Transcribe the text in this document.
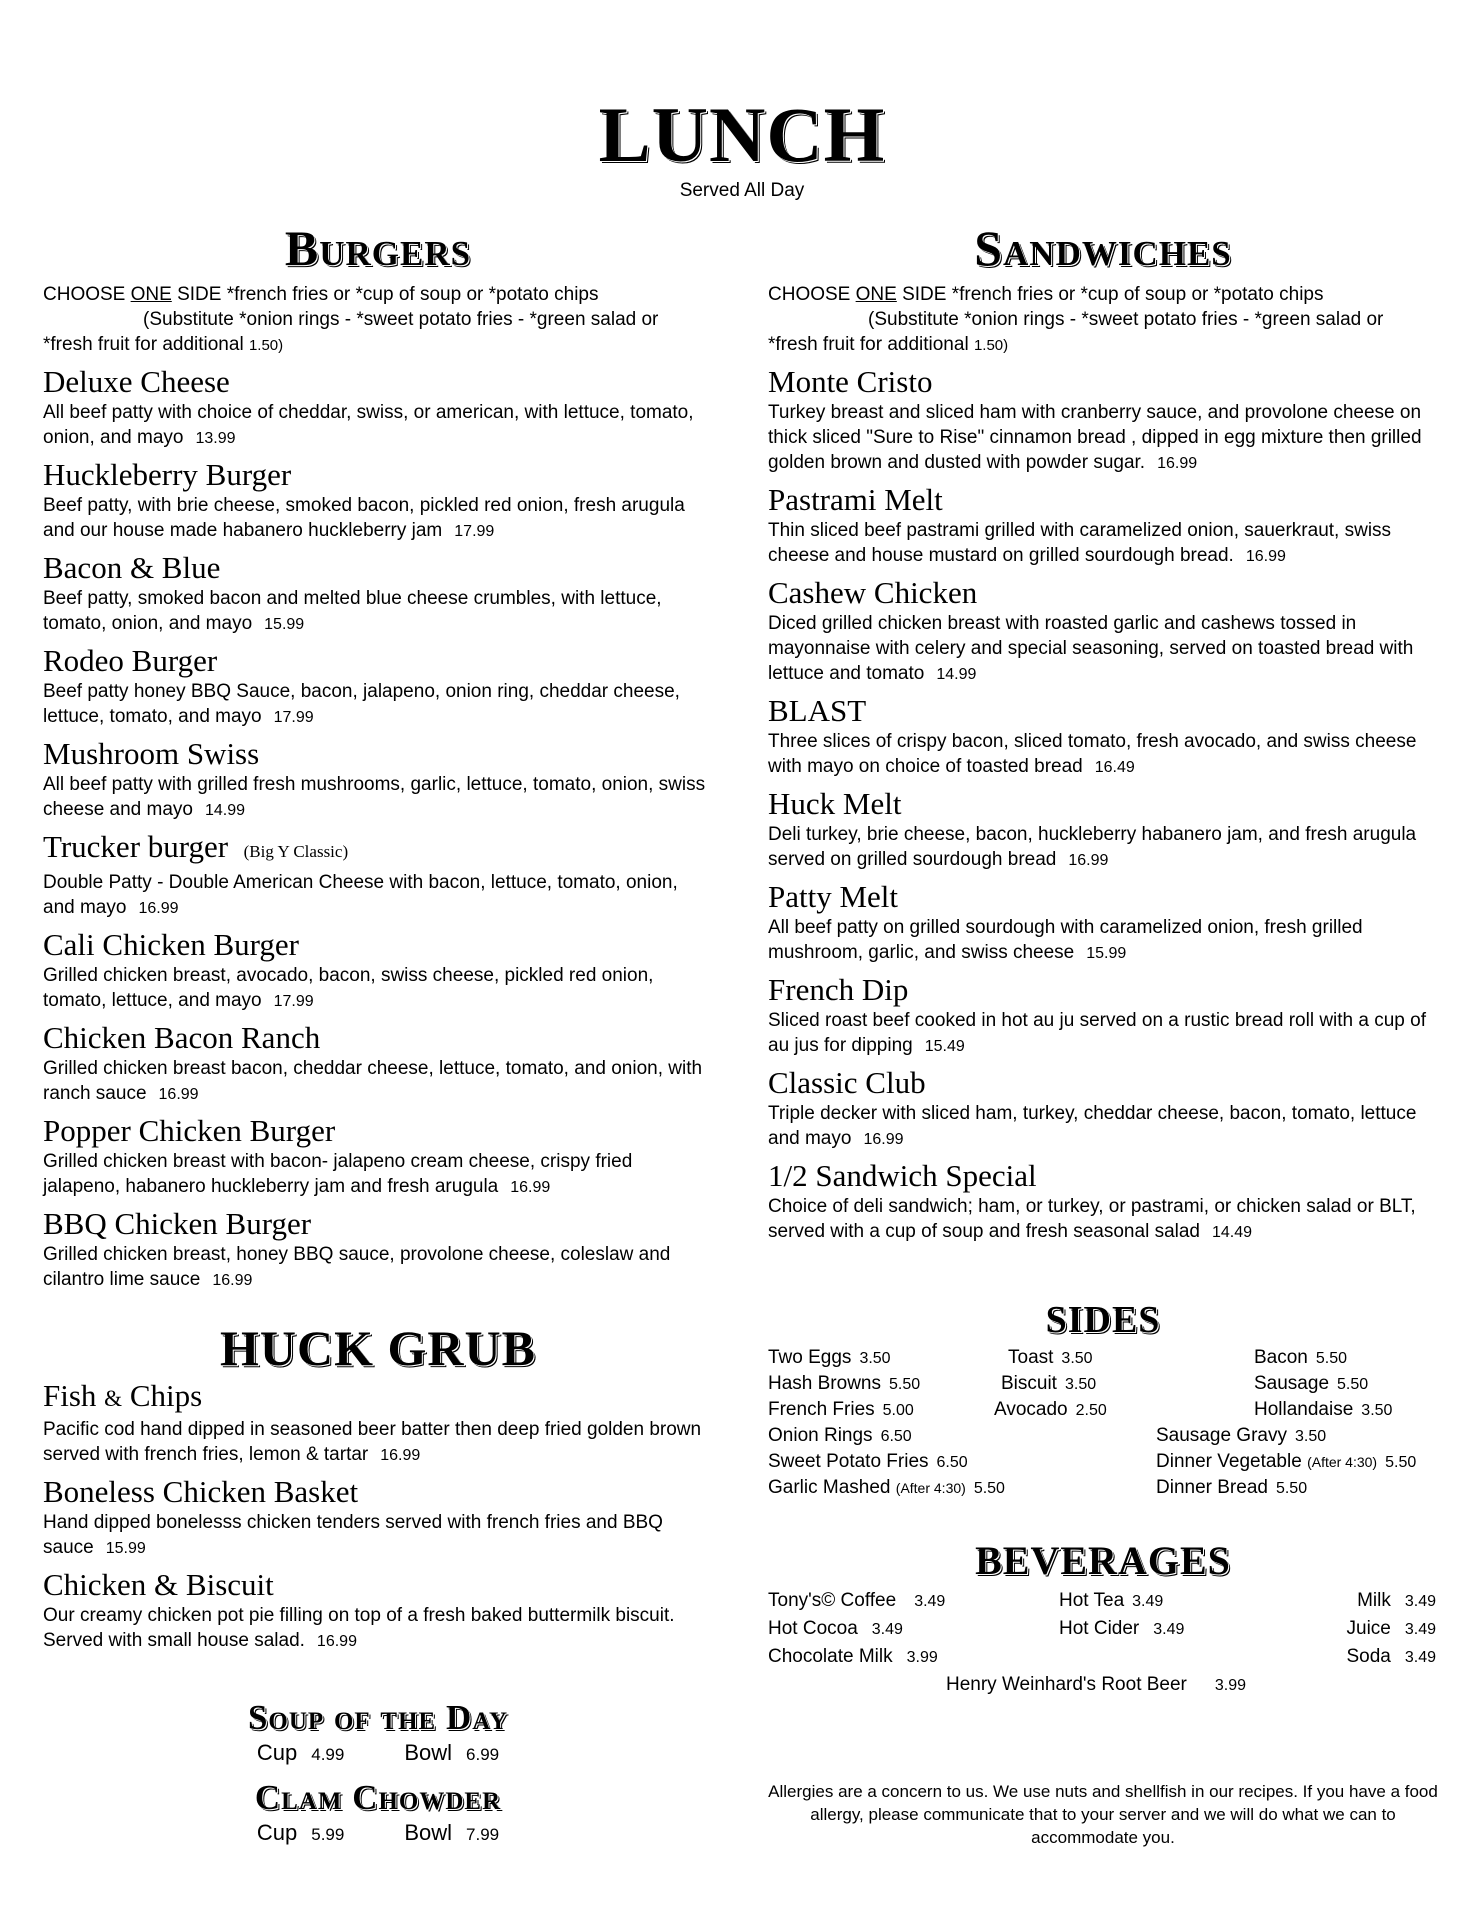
LUNCH
Served All Day
Burgers
CHOOSE ONE SIDE *french fries or *cup of soup or *potato chips
(Substitute *onion rings - *sweet potato fries - *green salad or
*fresh fruit for additional 1.50)
Deluxe Cheese
All beef patty with choice of cheddar, swiss, or american, with lettuce, tomato, onion, and mayo 13.99
Huckleberry Burger
Beef patty, with brie cheese, smoked bacon, pickled red onion, fresh arugula and our house made habanero huckleberry jam 17.99
Bacon & Blue
Beef patty, smoked bacon and melted blue cheese crumbles, with lettuce, tomato, onion, and mayo 15.99
Rodeo Burger
Beef patty honey BBQ Sauce, bacon, jalapeno, onion ring, cheddar cheese, lettuce, tomato, and mayo 17.99
Mushroom Swiss
All beef patty with grilled fresh mushrooms, garlic, lettuce, tomato, onion, swiss cheese and mayo 14.99
Trucker burger (Big Y Classic)
Double Patty - Double American Cheese with bacon, lettuce, tomato, onion, and mayo 16.99
Cali Chicken Burger
Grilled chicken breast, avocado, bacon, swiss cheese, pickled red onion, tomato, lettuce, and mayo 17.99
Chicken Bacon Ranch
Grilled chicken breast bacon, cheddar cheese, lettuce, tomato, and onion, with ranch sauce 16.99
Popper Chicken Burger
Grilled chicken breast with bacon- jalapeno cream cheese, crispy fried jalapeno, habanero huckleberry jam and fresh arugula 16.99
BBQ Chicken Burger
Grilled chicken breast, honey BBQ sauce, provolone cheese, coleslaw and cilantro lime sauce 16.99
HUCK GRUB
Fish & Chips
Pacific cod hand dipped in seasoned beer batter then deep fried golden brown served with french fries, lemon & tartar 16.99
Boneless Chicken Basket
Hand dipped bonelesss chicken tenders served with french fries and BBQ sauce 15.99
Chicken & Biscuit
Our creamy chicken pot pie filling on top of a fresh baked buttermilk biscuit. Served with small house salad. 16.99
Soup of the Day
Cup 4.99	Bowl 6.99
Clam Chowder
Cup 5.99	Bowl 7.99
Sandwiches
CHOOSE ONE SIDE *french fries or *cup of soup or *potato chips
(Substitute *onion rings - *sweet potato fries - *green salad or
*fresh fruit for additional 1.50)
Monte Cristo
Turkey breast and sliced ham with cranberry sauce, and provolone cheese on thick sliced "Sure to Rise" cinnamon bread , dipped in egg mixture then grilled golden brown and dusted with powder sugar. 16.99
Pastrami Melt
Thin sliced beef pastrami grilled with caramelized onion, sauerkraut, swiss cheese and house mustard on grilled sourdough bread. 16.99
Cashew Chicken
Diced grilled chicken breast with roasted garlic and cashews tossed in mayonnaise with celery and special seasoning, served on toasted bread with lettuce and tomato 14.99
BLAST
Three slices of crispy bacon, sliced tomato, fresh avocado, and swiss cheese with mayo on choice of toasted bread 16.49
Huck Melt
Deli turkey, brie cheese, bacon, huckleberry habanero jam, and fresh arugula served on grilled sourdough bread 16.99
Patty Melt
All beef patty on grilled sourdough with caramelized onion, fresh grilled mushroom, garlic, and swiss cheese 15.99
French Dip
Sliced roast beef cooked in hot au ju served on a rustic bread roll with a cup of au jus for dipping 15.49
Classic Club
Triple decker with sliced ham, turkey, cheddar cheese, bacon, tomato, lettuce and mayo 16.99
1/2 Sandwich Special
Choice of deli sandwich; ham, or turkey, or pastrami, or chicken salad or BLT, served with a cup of soup and fresh seasonal salad 14.49
SIDES
Two Eggs 3.50
Hash Browns 5.50
French Fries 5.00
Onion Rings 6.50
Sweet Potato Fries 6.50
Garlic Mashed (After 4:30) 5.50
Toast 3.50
Biscuit 3.50
Avocado 2.50
Bacon 5.50
Sausage 5.50
Hollandaise 3.50
Sausage Gravy 3.50
Dinner Vegetable (After 4:30) 5.50
Dinner Bread 5.50
BEVERAGES
Tony's© Coffee 3.49
Hot Cocoa 3.49
Chocolate Milk 3.99
Hot Tea 3.49
Hot Cider 3.49
Milk 3.49
Juice 3.49
Soda 3.49
Henry Weinhard's Root Beer 3.99
Allergies are a concern to us. We use nuts and shellfish in our recipes. If you have a food allergy, please communicate that to your server and we will do what we can to accommodate you.
